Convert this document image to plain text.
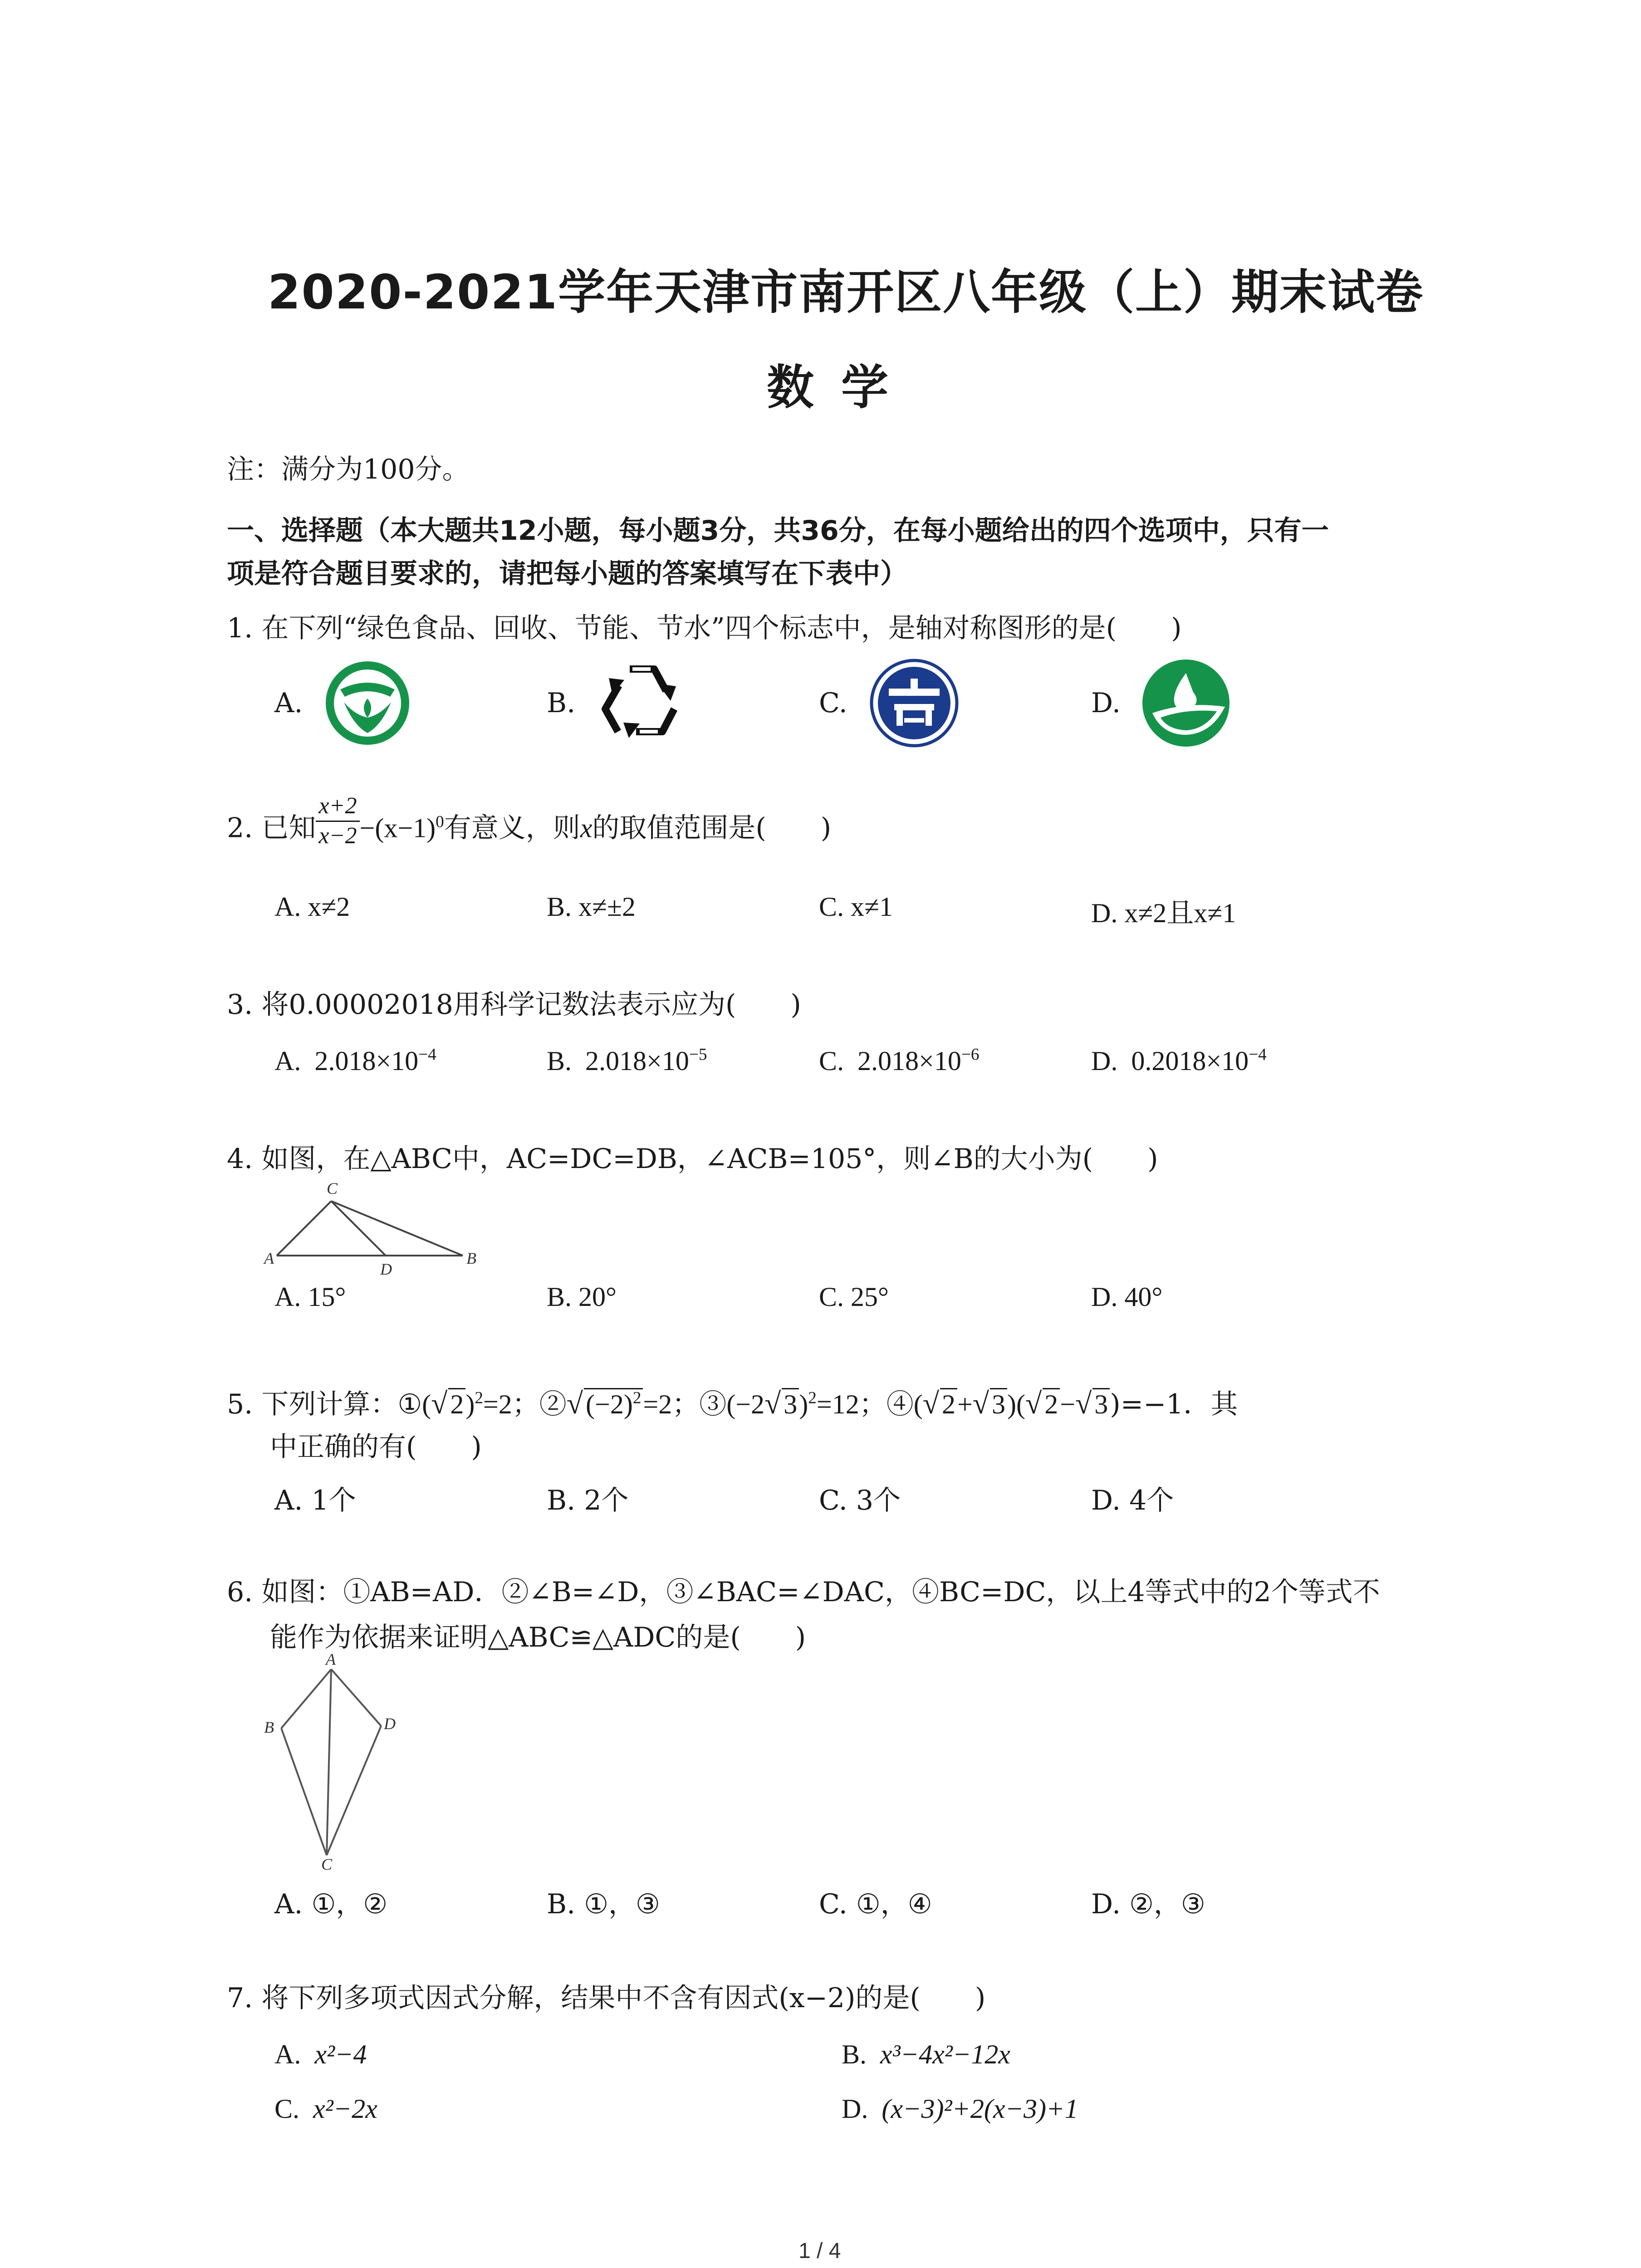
2020-2021学年天津市南开区八年级（上）期末试卷
数学
注：满分为100分。
一、选择题（本大题共12小题，每小题3分，共36分，在每小题给出的四个选项中，只有一
项是符合题目要求的，请把每小题的答案填写在下表中）
1. 在下列“绿色食品、回收、节能、节水”四个标志中，是轴对称图形的是(　　)
A.	B.	C.	D.
2. 已知 $\frac{x+2}{x-2} -(x-1)^0$有意义，则x的取值范围是(　　)
A. x≠2	B. x≠±2	C. x≠1	D. x≠2且x≠1
3. 将0.00002018用科学记数法表示应为(　　)
A. $2.018\times 10^{-4}$	B. $2.018\times 10^{-5}$	C. $2.018\times 10^{-6}$	D. $0.2018\times 10^{-4}$
4. 如图，在△ABC中，AC=DC=DB，∠ACB=105°，则∠B的大小为(　　)
C
A
D
B
A. 15°	B. 20°	C. 25°	D. 40°
5. 下列计算：①(√ 2)$^2$=2；②√ $(-2)^2=2$；③(−2√ 3)$^2$=12；④(√ 2+√ 3)(√ 2−√ 3)=−1．其
中正确的有(　　)
A. 1个	B. 2个	C. 3个	D. 4个
6. 如图：①AB=AD．②∠B=∠D，③∠BAC=∠DAC，④BC=DC，以上4等式中的2个等式不
能作为依据来证明△ABC≌△ADC的是(　　)
A
B	D
C
A. ①，②	B. ①，③	C. ①，④	D. ②，③
7. 将下列多项式因式分解，结果中不含有因式(x−2)的是(　　)
A. x²−4	B. x³−4x²−12x
C. x²−2x	D. (x−3)²+2(x−3)+1
1 / 4
